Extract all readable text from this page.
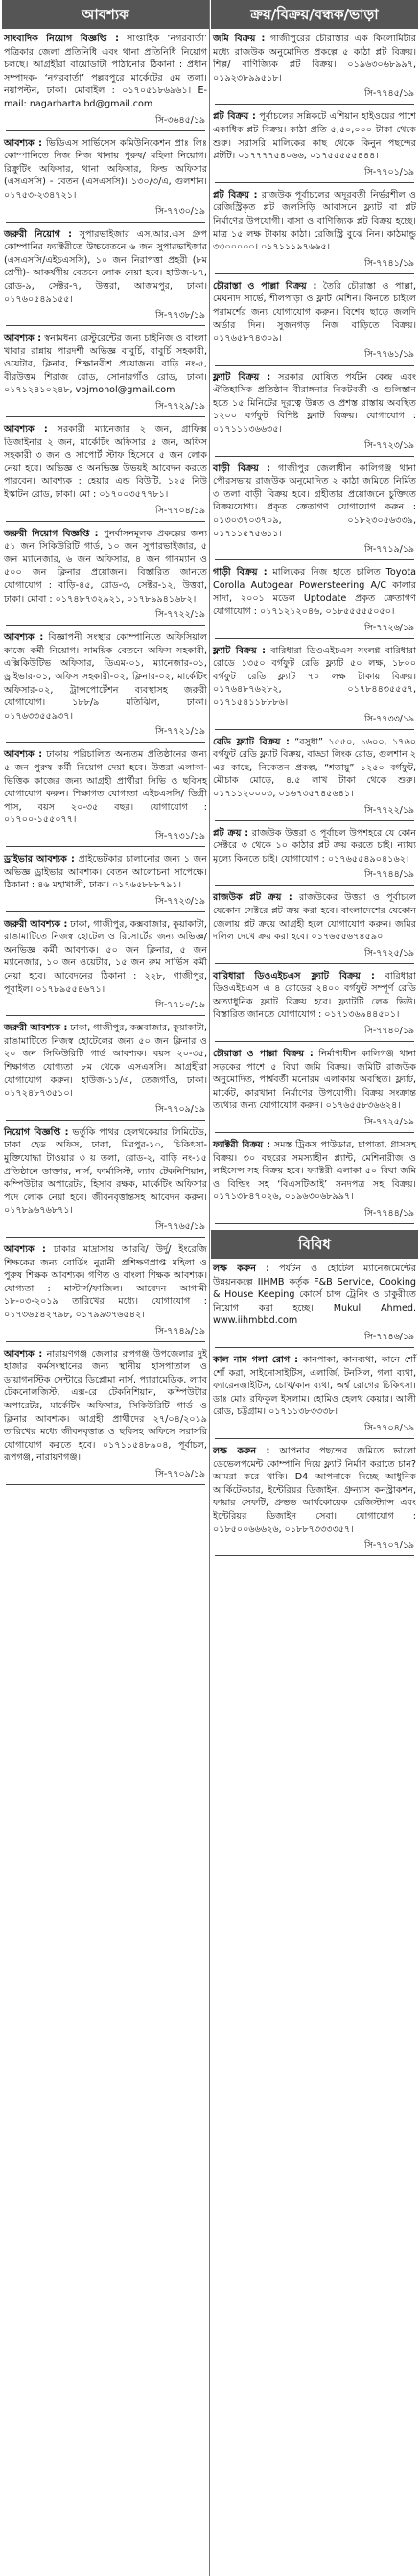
আবশ্যক
সাংবাদিক নিয়োগ বিজ্ঞপ্তি : সাপ্তাহিক ‘নগরবার্তা’ পত্রিকার জেলা প্রতিনিধি এবং থানা প্রতিনিধি নিয়োগ চলছে। আগ্রহীরা বায়োডাটা পাঠানোর ঠিকানা : প্রধান সম্পাদক- ‘নগরবার্তা’ পল্লবপুরে মার্কেটের ৫ম তলা। নয়াপল্টন, ঢাকা। মোবাইল : ০১৭০৫১৮৬৯৬১। E-mail: nagarbarta.bd@gmail.com
সি-৩৬৪৫/১৯
আবশ্যক : ভিডিএস সার্ভিসেস কমিউনিকেশন প্রাঃ লিঃ কোম্পানিতে নিজ নিজ থানায় পুরুষ/ মহিলা নিয়োগ। রিক্রুটিং অফিসার, থানা অফিসার, ফিল্ড অফিসার (এসএসসি) - বেতন (এসএসসি)। ১৩০/৩/এ, গুলশান। ০১৭৫৩-২৩৪৭২১।
সি-৭৭৩০/১৯
জরুরী নিয়োগ : সুপারভাইজার এস.আর.এস গ্রুপ কোম্পানির ফ্যাক্টরীতে উচ্চবেতনে ৬ জন সুপারভাইজার (এসএসসি/এইচএসসি), ১০ জন নিরাপত্তা প্রহরী (৮ম শ্রেণী)- আকর্ষণীয় বেতনে লোক নেয়া হবে। হাউজ-৮৭, রোড-৯, সেক্টর-৭, উত্তরা, আজমপুর, ঢাকা। ০১৭৬০৫৪৯১৫৫।
সি-৭৭৩৮/১৯
আবশ্যক : স্বনামধন্য রেস্টুরেন্টের জন্য চাইনিজ ও বাংলা খাবার রান্নায় পারদর্শী অভিজ্ঞ বাবুর্চি, বাবুর্চি সহকারী, ওয়েটার, ক্লিনার, শিক্ষানবীশ প্রয়োজন। বাড়ি নং-৫, বীরউত্তম শিরাজ রোড, সোনারগাঁও রোড, ঢাকা। ০১৭১২৪১০২৪৮, vojmohol@gmail.com
সি-৭৭২৯/১৯
আবশ্যক : সরকারী ম্যানেজার ২ জন, গ্রাফিক্স ডিজাইনার ২ জন, মার্কেটিং অফিসার ৫ জন, অফিস সহকারী ৩ জন ও সাপোর্ট স্টাফ হিসেবে ৫ জন লোক নেয়া হবে। অভিজ্ঞ ও অনভিজ্ঞ উভয়ই আবেদন করতে পারবেন। আবশ্যক : হেয়ার এন্ড বিউটি, ১২৫ নিউ ইস্কাটন রোড, ঢাকা। মো : ০১৭০০৩৫৭৭৮১।
সি-৭৭০৪/১৯
জরুরী নিয়োগ বিজ্ঞপ্তি : পুনর্বাসনমূলক প্রকল্পের জন্য ৫১ জন সিকিউরিটি গার্ড, ১০ জন সুপারভাইজার, ৫ জন ম্যানেজার, ৬ জন অফিসার, ৪ জন গানম্যান ও ৫০০ জন ক্লিনার প্রয়োজন। বিস্তারিত জানতে যোগাযোগ : বাড়ি-৪৫, রোড-৩, সেক্টর-১২, উত্তরা, ঢাকা। মোবা : ০১৭৪৮৭৩২৯২১, ০১৭৮৯৯৪১৬৮২।
সি-৭৭২২/১৯
আবশ্যক : বিজ্ঞাপনী সংস্থার কোম্পানিতে অফিসিয়াল কাজে কর্মী নিয়োগ। সাময়িক বেতনে অফিস সহকারী, এক্সিকিউটিভ অফিসার, ডিএম-০১, ম্যানেজার-০১, ড্রাইভার-০১, অফিস সহকারী-০২, ক্লিনার-০২, মার্কেটিং অফিসার-০২, ট্রান্সপোর্টেশন ব্যবস্থাসহ জরুরী যোগাযোগ। ১৮৮/৯ মতিঝিল, ঢাকা। ০১৭৬৩৩৫৫৯৩৭।
সি-৭৭২১/১৯
আবশ্যক : ঢাকায় পরিচালিত অন্যতম প্রতিষ্ঠানের জন্য ৫ জন পুরুষ কর্মী নিয়োগ দেয়া হবে। উত্তরা এলাকা-ভিত্তিক কাজের জন্য আগ্রহী প্রার্থীরা সিভি ও ছবিসহ যোগাযোগ করুন। শিক্ষাগত যোগ্যতা এইচএসসি/ ডিগ্রী পাস, বয়স ২০-৩৫ বছর। যোগাযোগ : ০১৭০০-১৫৫০৭৭।
সি-৭৭৩১/১৯
ড্রাইভার আবশ্যক : প্রাইভেটকার চালানোর জন্য ১ জন অভিজ্ঞ ড্রাইভার আবশ্যক। বেতন আলোচনা সাপেক্ষে। ঠিকানা : ৪৬ মহাখালী, ঢাকা। ০১৭৬৫৮৮৮৭৯১।
সি-৭৭২৩/১৯
জরুরী আবশ্যক : ঢাকা, গাজীপুর, কক্সবাজার, কুয়াকাটা, রাঙামাটিতে নিজস্ব হোটেল ও রিসোর্টের জন্য অভিজ্ঞ/ অনভিজ্ঞ কর্মী আবশ্যক। ৫০ জন ক্লিনার, ৫ জন ম্যানেজার, ১০ জন ওয়েটার, ১৫ জন রুম সার্ভিস কর্মী নেয়া হবে। আবেদনের ঠিকানা : ২২৮, গাজীপুর, পূবাইল। ০১৭৮৯৫৫৪৬৭১।
সি-৭৭১০/১৯
জরুরী আবশ্যক : ঢাকা, গাজীপুর, কক্সবাজার, কুয়াকাটা, রাঙামাটিতে নিজস্ব হোটেলের জন্য ৫০ জন ক্লিনার ও ২০ জন সিকিউরিটি গার্ড আবশ্যক। বয়স ২০-৩৫, শিক্ষাগত যোগ্যতা ৮ম থেকে এসএসসি। আগ্রহীরা যোগাযোগ করুন। হাউজ-১১/এ, তেজগাঁও, ঢাকা। ০১৭২৪৮৭৩৫১০।
সি-৭৭০৯/১৯
নিয়োগ বিজ্ঞপ্তি : ভর্তুকি পাথর হেলথকেয়ার লিমিটেড, ঢাকা হেড অফিস, ঢাকা, মিরপুর-১০, চিকিৎসা-মুক্তিযোদ্ধা টাওয়ার ৩ য় তলা, রোড-২, বাড়ি নং-১৫ প্রতিষ্ঠানে ডাক্তার, নার্স, ফার্মাসিস্ট, ল্যাব টেকনিশিয়ান, কম্পিউটার অপারেটর, হিসাব রক্ষক, মার্কেটিং অফিসার পদে লোক নেয়া হবে। জীবনবৃত্তান্তসহ আবেদন করুন। ০১৭৮৯৬৭৬৮৭১।
সি-৭৭৬৫/১৯
আবশ্যক : ঢাকার মাদ্রাসায় আরবি/ উর্দু/ ইংরেজি শিক্ষকের জন্য বোর্ডিং নুরানী প্রশিক্ষণপ্রাপ্ত মহিলা ও পুরুষ শিক্ষক আবশ্যক। গণিত ও বাংলা শিক্ষক আবশ্যক। যোগ্যতা : মাস্টার্স/ফাজিল। আবেদন আগামী ১৮-০৩-২০১৯ তারিখের মধ্যে। যোগাযোগ : ০১৭৩৬৫৪২৭৯৮, ০১৭৯৯৩৭৬৫৪২।
সি-৭৭৪৯/১৯
আবশ্যক : নারায়ণগঞ্জ জেলার রূপগঞ্জ উপজেলার দুই হাজার কর্মসংস্থানের জন্য স্থানীয় হাসপাতাল ও ডায়াগনস্টিক সেন্টারে ডিপ্লোমা নার্স, প্যারামেডিক, ল্যাব টেকনোলজিস্ট, এক্স-রে টেকনিশিয়ান, কম্পিউটার অপারেটর, মার্কেটিং অফিসার, সিকিউরিটি গার্ড ও ক্লিনার আবশ্যক। আগ্রহী প্রার্থীদের ২৭/০৪/২০১৯ তারিখের মধ্যে জীবনবৃত্তান্ত ও ছবিসহ অফিসে সরাসরি যোগাযোগ করতে হবে। ০১৭১১৫৪৮৯০৪, পূর্বাচল, রূপগঞ্জ, নারায়ণগঞ্জ।
সি-৭৭০৯/১৯
ক্রয়/বিক্রয়/বন্ধক/ভাড়া
জমি বিক্রয় : গাজীপুরের চৌরাস্তার এক কিলোমিটার মধ্যে রাজউক অনুমোদিত প্রকল্পে ৫ কাঠা প্লট বিক্রয়। শিল্প/ বাণিজ্যিক প্লট বিক্রয়। ০১৯৬৩০৬৮৯৯৭, ০১৯২৩৮৯৯৫১৮।
সি-৭৭৪৫/১৯
প্লট বিক্রয় : পূর্বাচলের সন্নিকটে এশিয়ান হাইওয়ের পাশে একাধিক প্লট বিক্রয়। কাঠা প্রতি ৫,৫০,০০০ টাকা থেকে শুরু। সরাসরি মালিকের কাছ থেকে কিনুন পছন্দের প্লটটি। ০১৭৭৭৭৫৪০৬৬, ০১৭৫৫৫৫৫৪৪৪।
সি-৭৭০১/১৯
প্লট বিক্রয় : রাজউক পূর্বাচলের অদূরবর্তী নির্ভরশীল ও রেজিস্ট্রিকৃত প্লট জলসিড়ি আবাসনে ফ্ল্যাট বা প্লট নির্মাণের উপযোগী। বাসা ও বাণিজ্যিক প্লট বিক্রয় হচ্ছে। মাত্র ১৫ লক্ষ টাকায় কাঠা। রেজিস্ট্রি বুঝে নিন। কাঠমান্ডু ৩৩০০০০০। ০১৭১১১৯৭৬৬৫।
সি-৭৭৪১/১৯
চৌরাস্তা ও পাল্লা বিক্রয় : তৈরি চৌরাস্তা ও পাল্লা, মেঘনাদ সার্ভে, শীলপাড়া ও ফ্লাট মেশিন। কিনতে চাইলে পরামর্শের জন্য যোগাযোগ করুন। বিশেষ ছাড়ে জলদি অর্ডার দিন। সুজনগড় নিজ বাড়িতে বিক্রয়। ০১৭৬৫৮৭৪৩০৯।
সি-৭৭৬১/১৯
ফ্ল্যাট বিক্রয় : সরকার ঘোষিত পর্যটন কেন্দ্র এবং ঐতিহাসিক প্রতিষ্ঠান বীরাঙ্গনার নিকটবর্তী ও গুলিস্তান হতে ১৫ মিনিটের দূরত্বে উন্নত ও প্রশস্ত রাস্তায় অবস্থিত ১২০০ বর্গফুট বিশিষ্ট ফ্ল্যাট বিক্রয়। যোগাযোগ : ০১৭১১১৩৬৬৩৫।
সি-৭৭২৩/১৯
বাড়ী বিক্রয় : গাজীপুর জেলাধীন কালিগঞ্জ থানা পৌরসভায় রাজউক অনুমোদিত ২ কাঠা জমিতে নির্মিত ৩ তলা বাড়ী বিক্রয় হবে। গ্রহীতার প্রয়োজনে চুক্তিতে বিক্রয়যোগ্য। প্রকৃত ক্রেতাগণ যোগাযোগ করুন : ০১৩০৩৭০৩৭০৯, ০১৮২৩০৫৬৩৩৯, ০১৭১১৫৭৫৬১১।
সি-৭৭১৯/১৯
গাড়ী বিক্রয় : মালিকের নিজ হাতে চালিত Toyota Corolla Autogear Powersteering A/C কালার সাদা, ২০০১ মডেল Uptodate প্রকৃত ক্রেতাগণ যোগাযোগ : ০১৭১২১২০৪৬, ০১৮৫৫৫৫৫০৫০।
সি-৭৭২৬/১৯
ফ্ল্যাট বিক্রয় : বারিধারা ডিওএইচএস সংলগ্ন বারিধারা রোডে ১৩৫০ বর্গফুট রেডি ফ্ল্যাট ৫০ লক্ষ, ১৮০০ বর্গফুট রেডি ফ্ল্যাট ৭০ লক্ষ টাকায় বিক্রয়। ০১৭৬৪৮৭৬২৮২, ০১৭৮৪৪৩৫৫৫৭, ০১৭১৫৪১১৮৮৮৬।
সি-৭৭৩৩/১৯
রেডি ফ্ল্যাট বিক্রয় : “বসুধা” ১৫৫০, ১৬০০, ১৭৬০ বর্গফুট রেডি ফ্ল্যাট বিক্রয়, বাড্ডা লিংক রোড, গুলশান ২ এর কাছে, নিকেতন প্রকল্প, “শতায়ু” ১২৫০ বর্গফুট, মৌচাক মোড়ে, ৪.৫ লাখ টাকা থেকে শুরু। ০১৭১১২০০০৩, ০১৬৭৩৫৭৪৫৬৪১।
সি-৭৭২২/১৯
প্লট ক্রয় : রাজউক উত্তরা ও পূর্বাচল উপশহরে যে কোন সেক্টরে ৩ থেকে ১০ কাঠার প্লট ক্রয় করতে চাই। ন্যায্য মূল্যে কিনতে চাই। যোগাযোগ : ০১৭৬৫৫৪৯০৪১৬২।
সি-৭৭৪৪/১৯
রাজউক প্লট ক্রয় : রাজউকের উত্তরা ও পূর্বাচলে যেকোন সেক্টরে প্লট ক্রয় করা হবে। বাংলাদেশের যেকোন জেলায় প্লট ক্রয়ে আগ্রহী হলে যোগাযোগ করুন। জমির দলিল দেখে ক্রয় করা হবে। ০১৭৬৫৫৬৭৪৫৯০।
সি-৭৭২৫/১৯
বারিধারা ডিওএইচএস ফ্ল্যাট বিক্রয় : বারিধারা ডিওএইচএস এ ৪ রোডের ২৪০০ বর্গফুট সম্পূর্ণ রেডি অত্যাধুনিক ফ্ল্যাট বিক্রয় হবে। ফ্ল্যাটটি লেক ভিউ। বিস্তারিত জানতে যোগাযোগ : ০১৭১৩৬৯৪৪৫০১।
সি-৭৭৪০/১৯
চৌরাস্তা ও পাল্লা বিক্রয় : নির্মাণাধীন কালিগঞ্জ থানা সড়কের পাশে ৫ বিঘা জমি বিক্রয়। জমিটি রাজউক অনুমোদিত, পার্শ্ববর্তী মনোরম এলাকায় অবস্থিত। ফ্ল্যাট, মার্কেট, কারখানা নির্মাণের উপযোগী। বিক্রয় সংক্রান্ত তথ্যের জন্য যোগাযোগ করুন। ০১৭৬৫৫৮৩৬৬২৪।
সি-৭৭২৫/১৯
ফ্যাক্টরী বিক্রয় : সমস্ত ট্রিকস পাউডার, চাপাতা, গ্লাসসহ বিক্রয়। ৩০ বছরের সমস্যাহীন প্ল্যান্ট, মেশিনারীজ ও লাইসেন্স সহ বিক্রয় হবে। ফ্যাক্টরী এলাকা ৫০ বিঘা জমি ও বিল্ডিং সহ ‘বিএসটিআই’ সনদপত্র সহ বিক্রয়। ০১৭১৩৮৪৭০২৬, ০১৯৬৩০৬৮৯৯৭।
সি-৭৭৪৪/১৯
বিবিধ
লক্ষ করুন : পর্যটন ও হোটেল ম্যানেজমেন্টের উন্নয়নকল্পে IIHMB কর্তৃক F&B Service, Cooking & House Keeping কোর্সে চান্স ট্রেনিং ও চাকুরীতে নিয়োগ করা হচ্ছে। Mukul Ahmed. www.iihmbbd.com
সি-৭৭৪৬/১৯
কাল নাম গলা রোগ : কানপাকা, কানব্যথা, কানে শোঁ শোঁ করা, সাইনোসাইটিস, এলার্জি, টনসিল, গলা ব্যথা, ফ্যারেনজাইটিস, চোখ/কান ব্যথা, অর্শ্ব রোগের চিকিৎসা। ডাঃ মোঃ রফিকুল ইসলাম। হোমিও হেলথ কেয়ার। আলী রোড, চট্টগ্রাম। ০১৭১১৩৮৩৩৩৮।
সি-৭৭০৪/১৯
লক্ষ করুন : আপনার পছন্দের জমিতে ভালো ডেভেলপমেন্ট কোম্পানি দিয়ে ফ্ল্যাট নির্মাণ করাতে চান? আমরা করে থাকি। D4 আপনাকে দিচ্ছে আধুনিক আর্কিটেকচার, ইন্টেরিয়র ডিজাইন, গ্রুন্যাস কনস্ট্রাকশন, ফায়ার সেফটি, প্রুভড আর্থকোয়েক রেজিস্ট্যান্স এবং ইন্টেরিয়র ডিজাইন সেবা। যোগাযোগ : ০১৮৫০০৬৬৬২৬, ০১৮৮৭৩৩৩৩৫৭।
সি-৭৭০৭/১৯
